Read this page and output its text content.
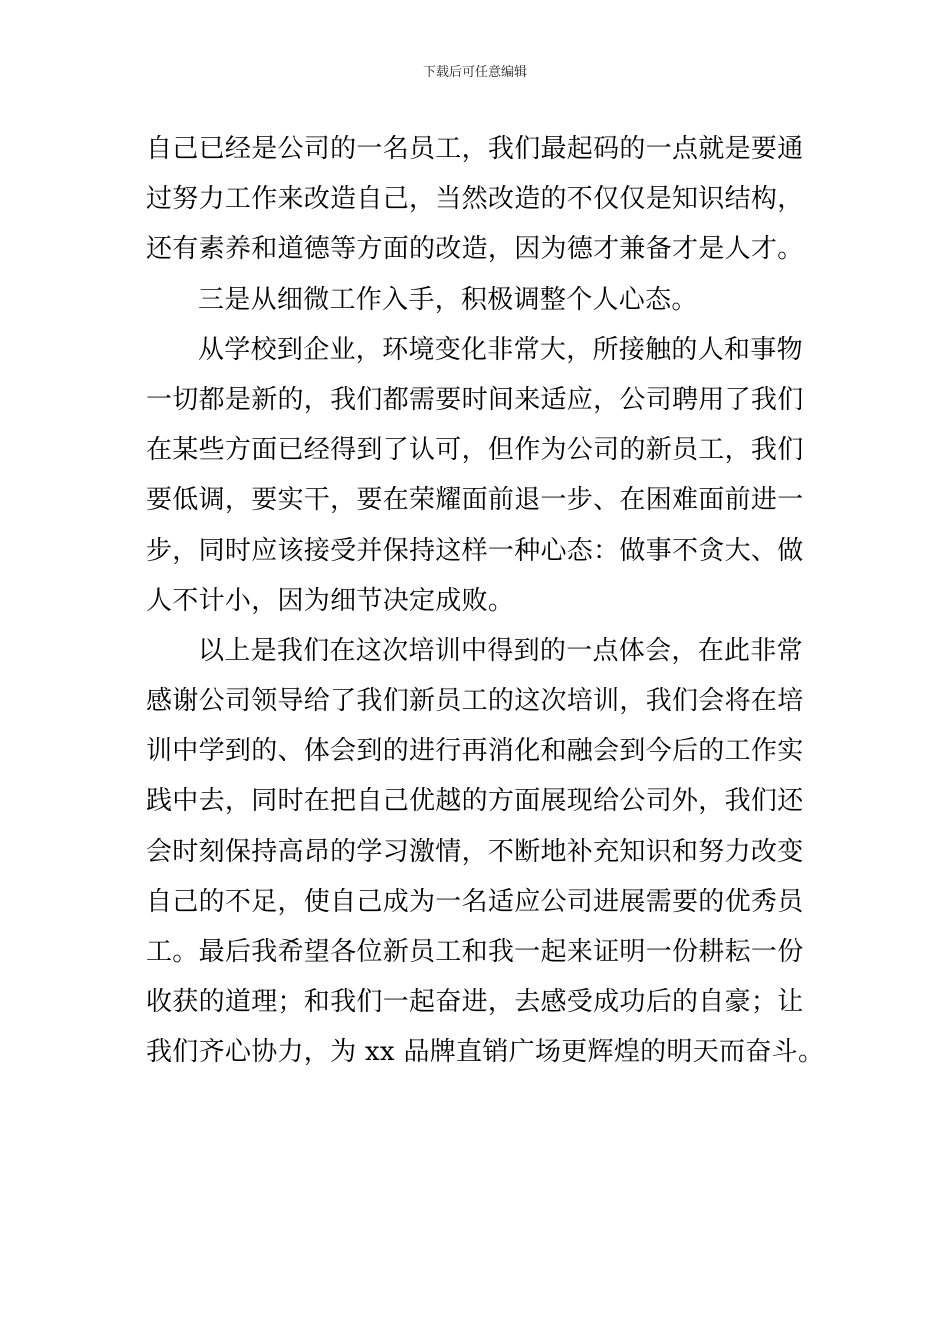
下载后可任意编辑
自己已经是公司的一名员工，我们最起码的一点就是要通
过努力工作来改造自己，当然改造的不仅仅是知识结构，
还有素养和道德等方面的改造，因为德才兼备才是人才。
三是从细微工作入手，积极调整个人心态。
从学校到企业，环境变化非常大，所接触的人和事物
一切都是新的，我们都需要时间来适应，公司聘用了我们
在某些方面已经得到了认可，但作为公司的新员工，我们
要低调，要实干，要在荣耀面前退一步、在困难面前进一
步，同时应该接受并保持这样一种心态：做事不贪大、做
人不计小，因为细节决定成败。
以上是我们在这次培训中得到的一点体会，在此非常
感谢公司领导给了我们新员工的这次培训，我们会将在培
训中学到的、体会到的进行再消化和融会到今后的工作实
践中去，同时在把自己优越的方面展现给公司外，我们还
会时刻保持高昂的学习激情，不断地补充知识和努力改变
自己的不足，使自己成为一名适应公司进展需要的优秀员
工。最后我希望各位新员工和我一起来证明一份耕耘一份
收获的道理；和我们一起奋进，去感受成功后的自豪；让
我们齐心协力，为 xx 品牌直销广场更辉煌的明天而奋斗。
